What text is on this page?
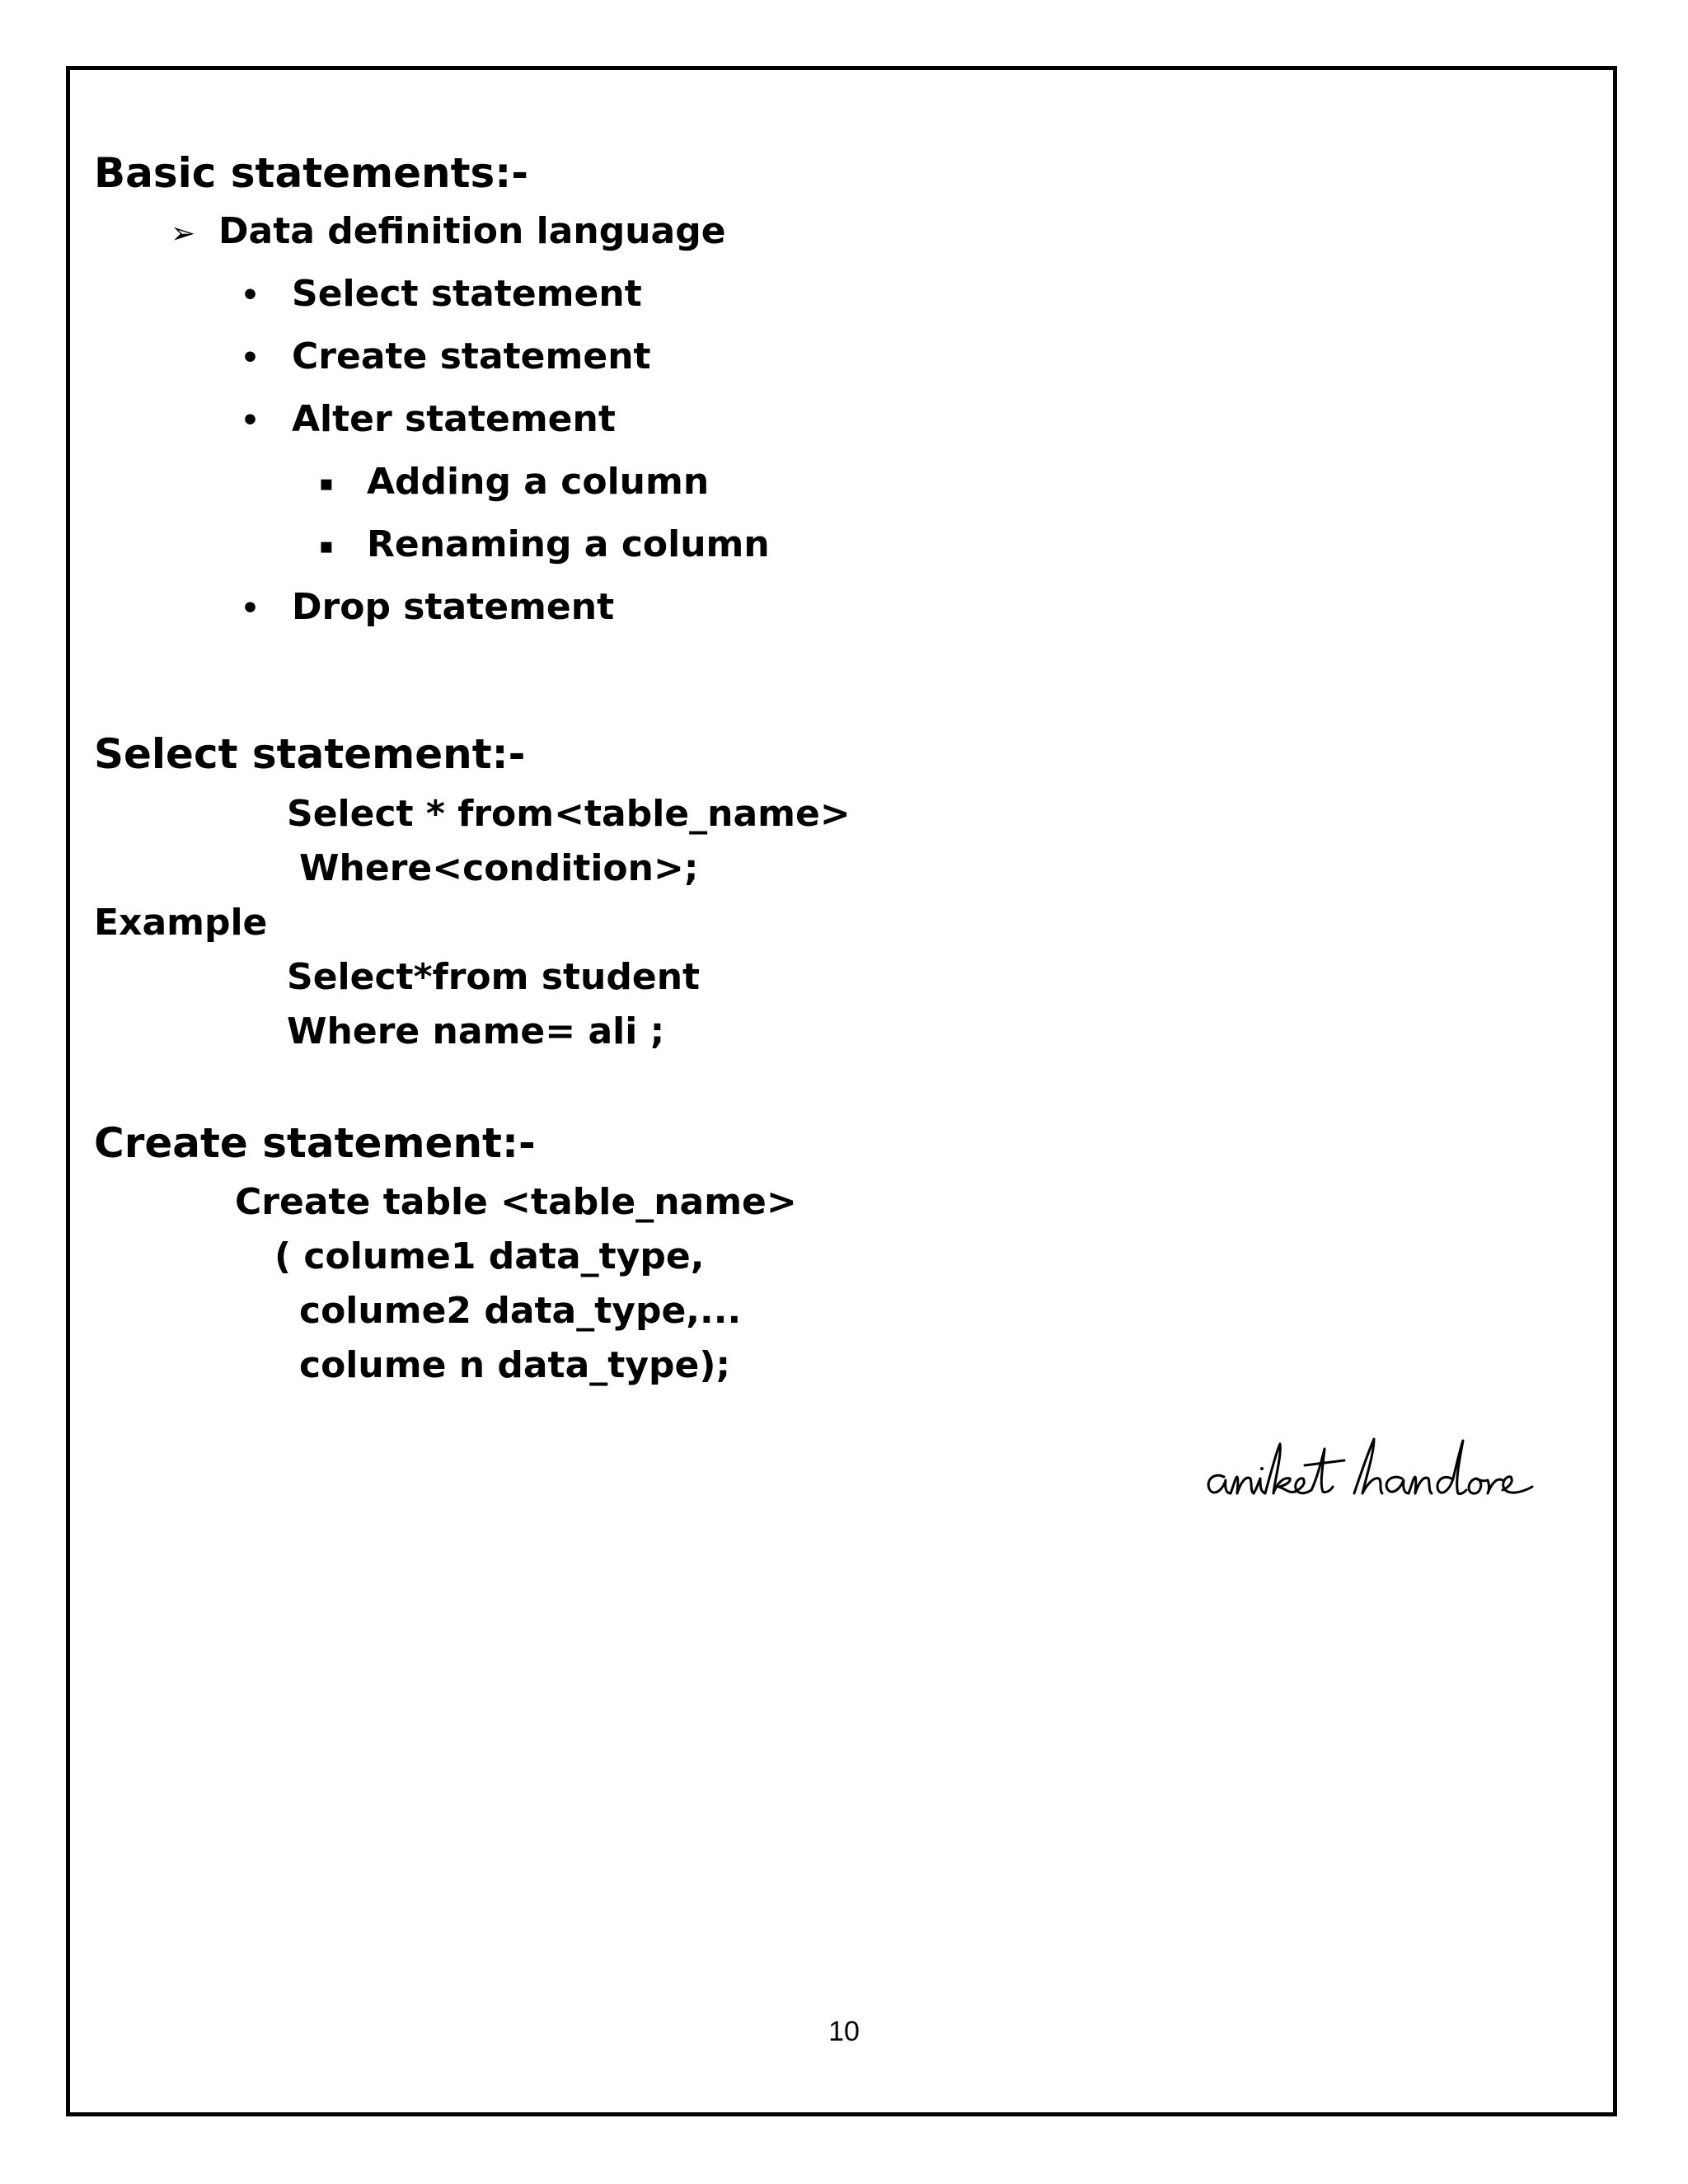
Basic statements:-
➢ Data definition language
• Select statement
• Create statement
• Alter statement
▪ Adding a column
▪ Renaming a column
• Drop statement
Select statement:-
Select * from<table_name>
Where<condition>;
Example
Select*from student
Where name= ali ;
Create statement:-
Create table <table_name>
( colume1 data_type,
colume2 data_type,...
colume n data_type);
10
